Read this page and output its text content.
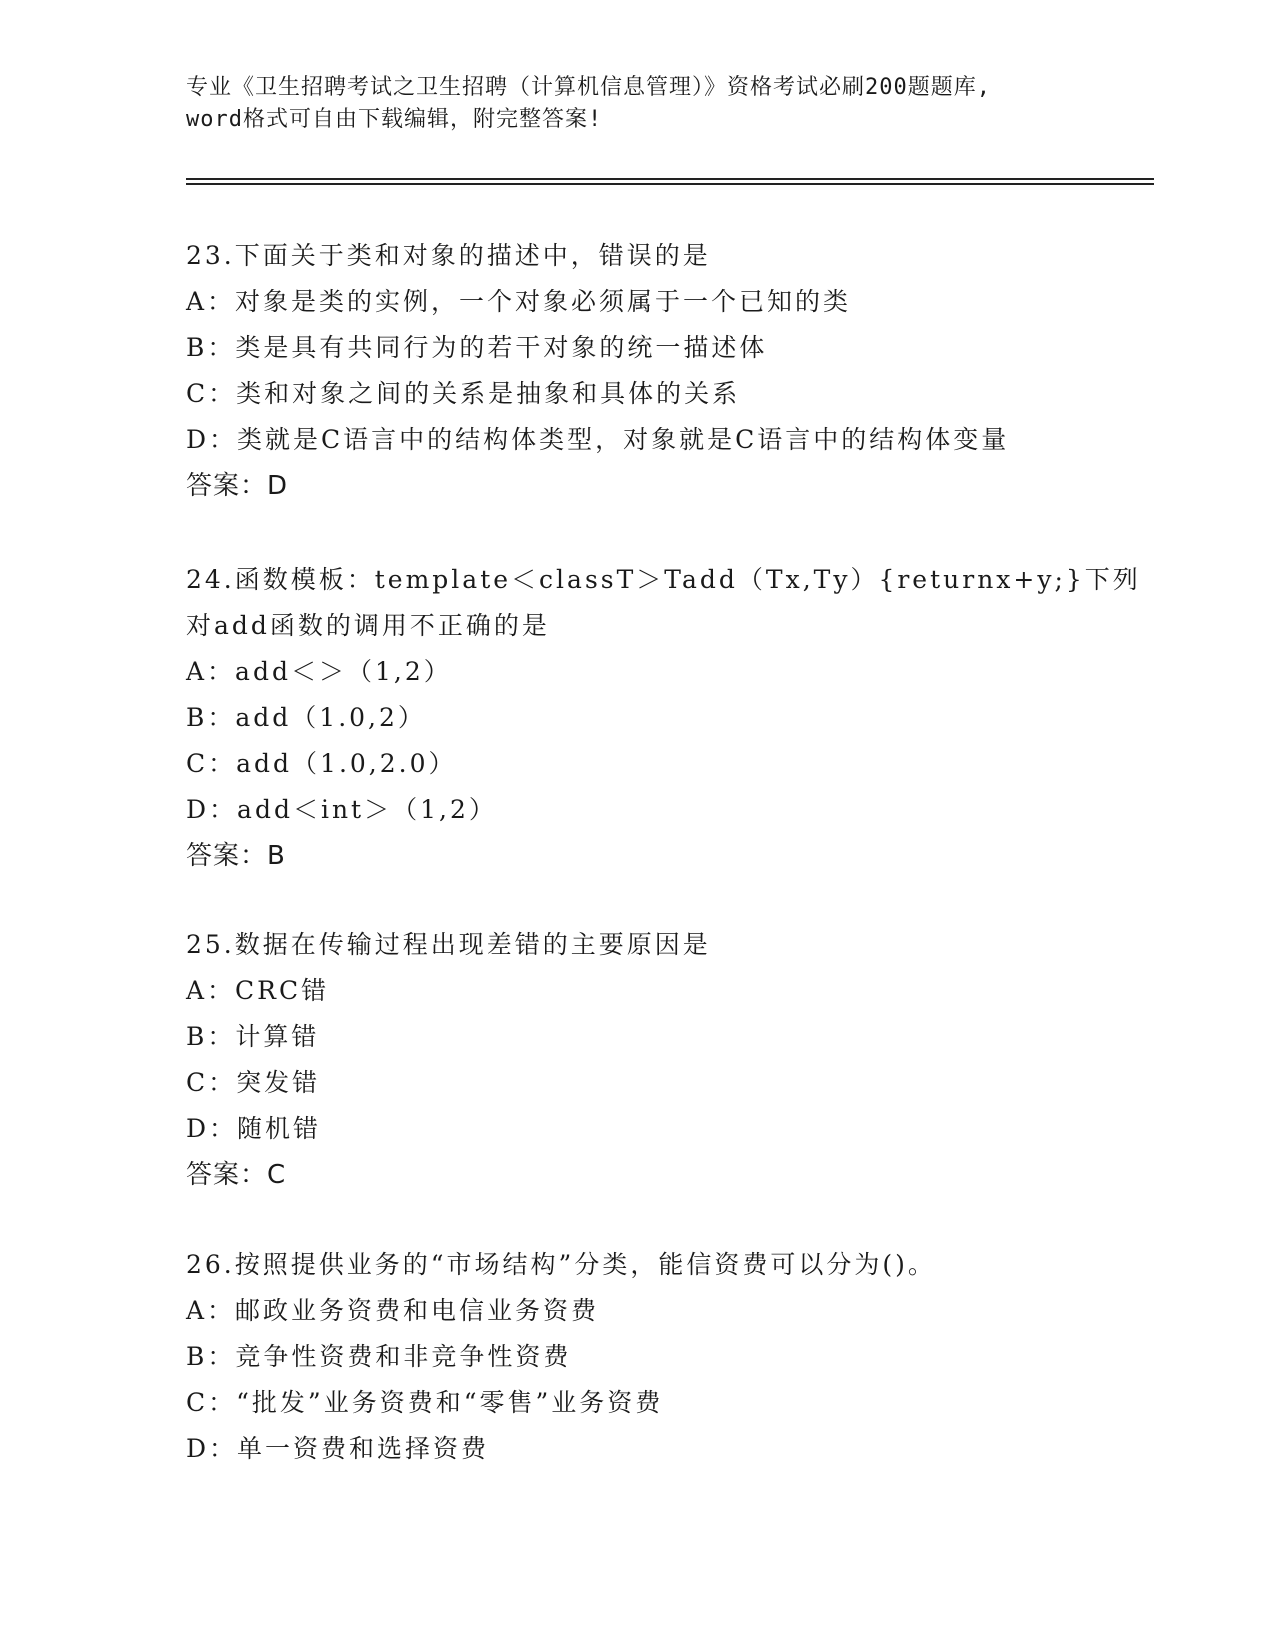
专业《卫生招聘考试之卫生招聘（计算机信息管理）》资格考试必刷200题题库,
word格式可自由下载编辑，附完整答案!
23.下面关于类和对象的描述中，错误的是
A：对象是类的实例，一个对象必须属于一个已知的类
B：类是具有共同行为的若干对象的统一描述体
C：类和对象之间的关系是抽象和具体的关系
D：类就是C语言中的结构体类型，对象就是C语言中的结构体变量
答案：D
24.函数模板：template＜classT＞Tadd（Tx,Ty）{returnx+y;}下列
对add函数的调用不正确的是
A：add＜＞（1,2）
B：add（1.0,2）
C：add（1.0,2.0）
D：add＜int＞（1,2）
答案：B
25.数据在传输过程出现差错的主要原因是
A：CRC错
B：计算错
C：突发错
D：随机错
答案：C
26.按照提供业务的“市场结构”分类，能信资费可以分为()。
A：邮政业务资费和电信业务资费
B：竞争性资费和非竞争性资费
C：“批发”业务资费和“零售”业务资费
D：单一资费和选择资费
